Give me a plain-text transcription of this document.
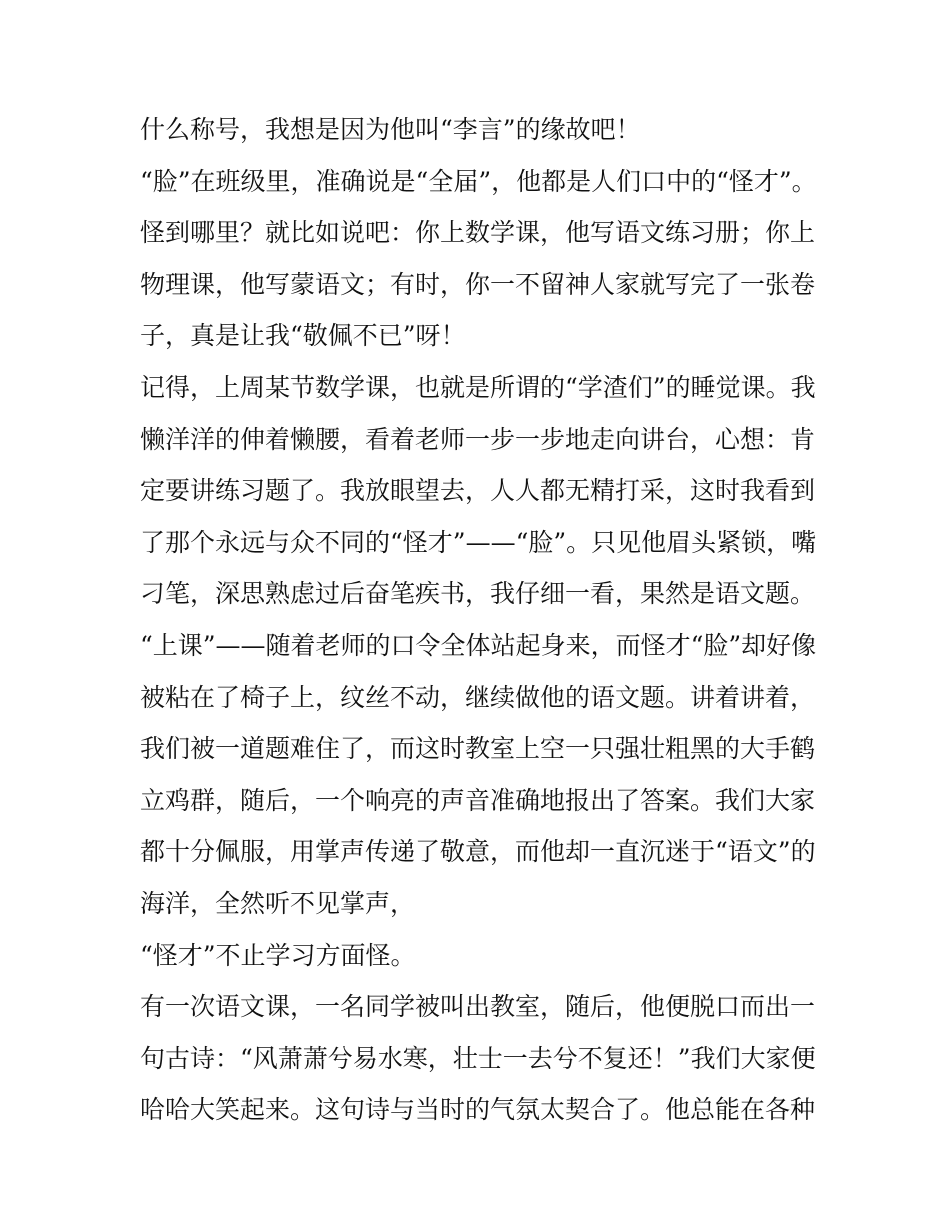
什么称号，我想是因为他叫“李言”的缘故吧！
“脸”在班级里，准确说是“全届”，他都是人们口中的“怪才”。
怪到哪里？就比如说吧：你上数学课，他写语文练习册；你上
物理课，他写蒙语文；有时，你一不留神人家就写完了一张卷
子，真是让我“敬佩不已”呀！
记得，上周某节数学课，也就是所谓的“学渣们”的睡觉课。我
懒洋洋的伸着懒腰，看着老师一步一步地走向讲台，心想：肯
定要讲练习题了。我放眼望去，人人都无精打采，这时我看到
了那个永远与众不同的“怪才”——“脸”。只见他眉头紧锁，嘴
刁笔，深思熟虑过后奋笔疾书，我仔细一看，果然是语文题。
“上课”——随着老师的口令全体站起身来，而怪才“脸”却好像
被粘在了椅子上，纹丝不动，继续做他的语文题。讲着讲着，
我们被一道题难住了，而这时教室上空一只强壮粗黑的大手鹤
立鸡群，随后，一个响亮的声音准确地报出了答案。我们大家
都十分佩服，用掌声传递了敬意，而他却一直沉迷于“语文”的
海洋，全然听不见掌声，
“怪才”不止学习方面怪。
有一次语文课，一名同学被叫出教室，随后，他便脱口而出一
句古诗：“风萧萧兮易水寒，壮士一去兮不复还！”我们大家便
哈哈大笑起来。这句诗与当时的气氛太契合了。他总能在各种
